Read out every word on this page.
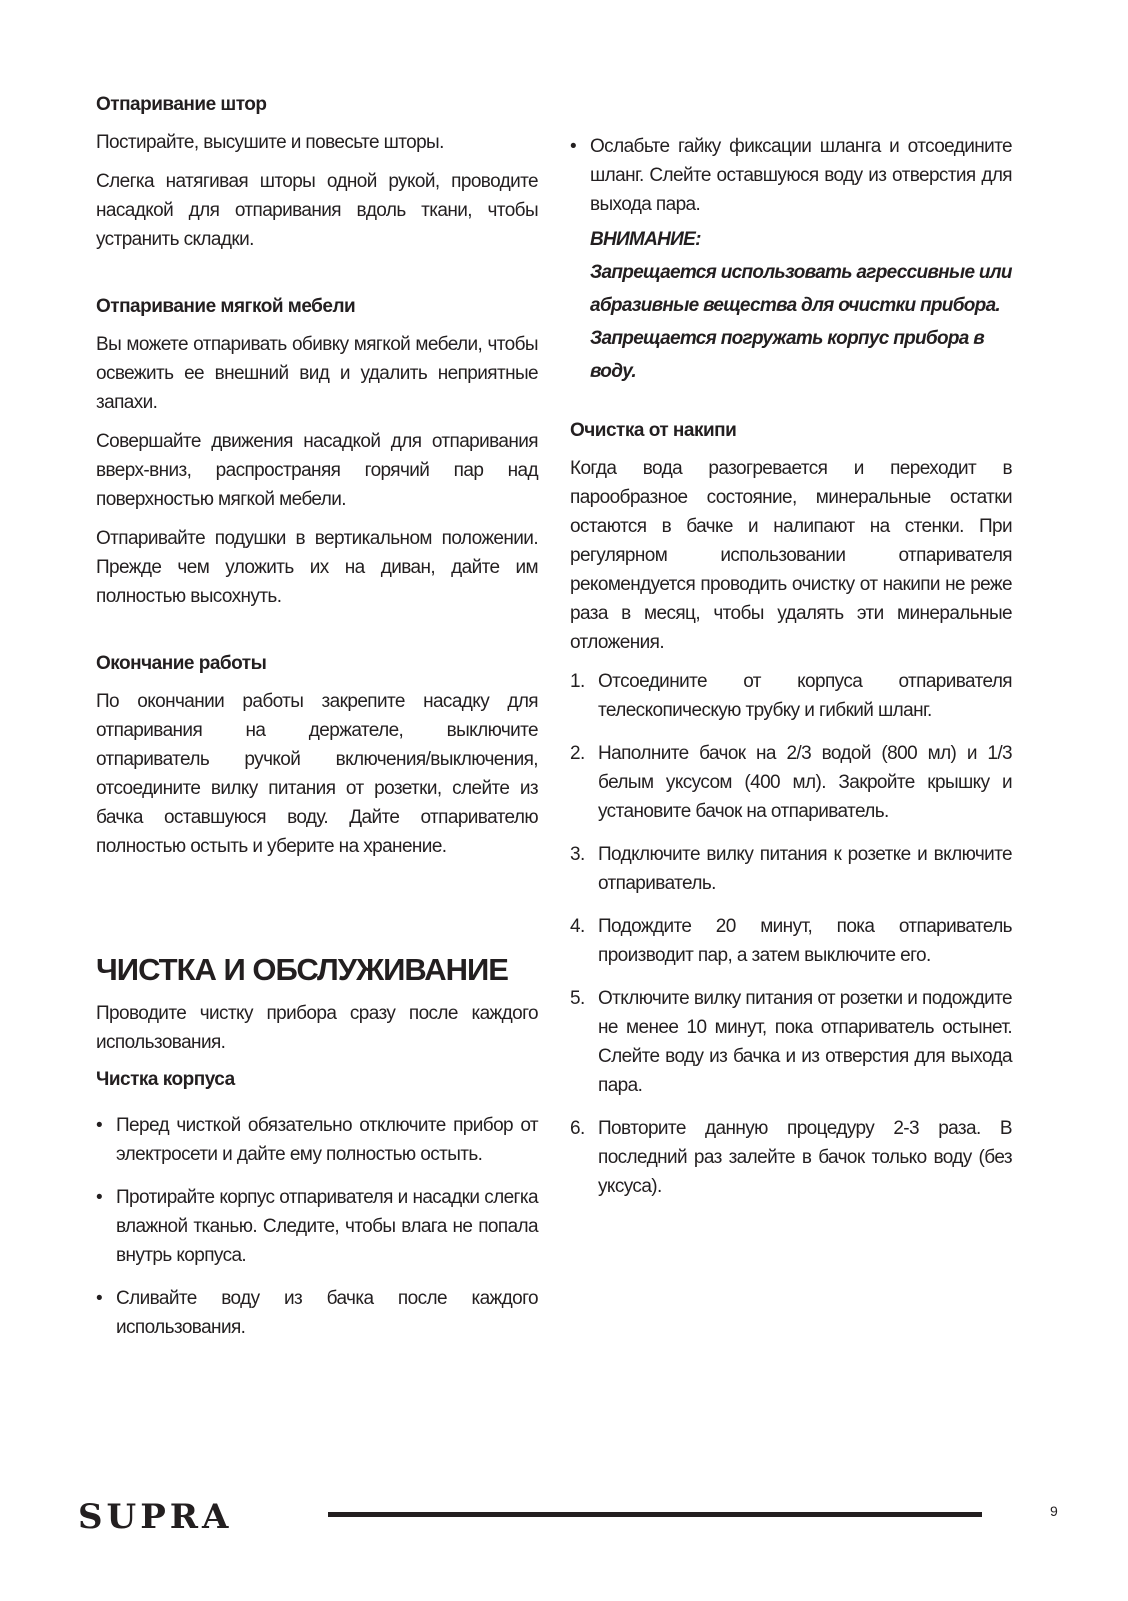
Отпаривание штор

Постирайте, высушите и повесьте шторы.

Слегка натягивая шторы одной рукой, проводите насадкой для отпаривания вдоль ткани, чтобы устранить складки.

Отпаривание мягкой мебели

Вы можете отпаривать обивку мягкой мебели, чтобы освежить ее внешний вид и удалить неприятные запахи.

Совершайте движения насадкой для отпаривания вверх-вниз, распространяя горячий пар над поверхностью мягкой мебели.

Отпаривайте подушки в вертикальном положении. Прежде чем уложить их на диван, дайте им полностью высохнуть.

Окончание работы

По окончании работы закрепите насадку для отпаривания на держателе, выключите отпариватель ручкой включения/выключения, отсоедините вилку питания от розетки, слейте из бачка оставшуюся воду. Дайте отпаривателю полностью остыть и уберите на хранение.

ЧИСТКА И ОБСЛУЖИВАНИЕ

Проводите чистку прибора сразу после каждого использования.

Чистка корпуса
• Перед чисткой обязательно отключите прибор от электросети и дайте ему полностью остыть.
• Протирайте корпус отпаривателя и насадки слегка влажной тканью. Следите, чтобы влага не попала внутрь корпуса.
• Сливайте воду из бачка после каждого использования.
• Ослабьте гайку фиксации шланга и отсоедините шланг. Слейте оставшуюся воду из отверстия для выхода пара.
ВНИМАНИЕ:
Запрещается использовать агрессивные или абразивные вещества для очистки прибора.
Запрещается погружать корпус прибора в воду.
Очистка от накипи

Когда вода разогревается и переходит в парообразное состояние, минеральные остатки остаются в бачке и налипают на стенки. При регулярном использовании отпаривателя рекомендуется проводить очистку от накипи не реже раза в месяц, чтобы удалять эти минеральные отложения.

1. Отсоедините от корпуса отпаривателя телескопическую трубку и гибкий шланг.
2. Наполните бачок на 2/3 водой (800 мл) и 1/3 белым уксусом (400 мл). Закройте крышку и установите бачок на отпариватель.
3. Подключите вилку питания к розетке и включите отпариватель.
4. Подождите 20 минут, пока отпариватель производит пар, а затем выключите его.
5. Отключите вилку питания от розетки и подождите не менее 10 минут, пока отпариватель остынет. Слейте воду из бачка и из отверстия для выхода пара.
6. Повторите данную процедуру 2-3 раза. В последний раз залейте в бачок только воду (без уксуса).
SUPRA	9
